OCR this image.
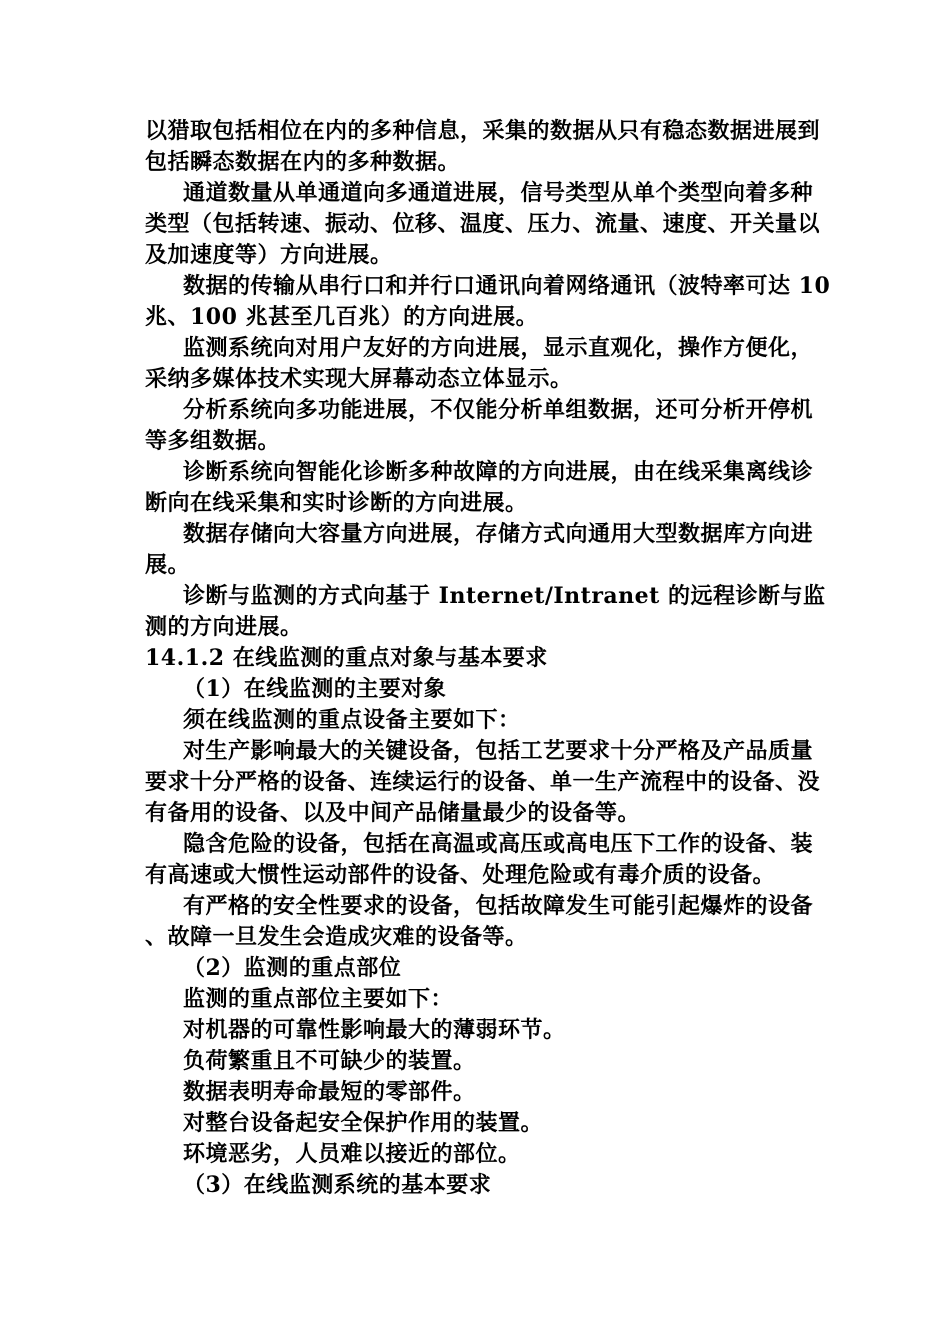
以猎取包括相位在内的多种信息，采集的数据从只有稳态数据进展到包括瞬态数据在内的多种数据。

通道数量从单通道向多通道进展，信号类型从单个类型向着多种类型（包括转速、振动、位移、温度、压力、流量、速度、开关量以及加速度等）方向进展。

数据的传输从串行口和并行口通讯向着网络通讯（波特率可达 10 兆、100 兆甚至几百兆）的方向进展。

监测系统向对用户友好的方向进展，显示直观化，操作方便化，采纳多媒体技术实现大屏幕动态立体显示。

分析系统向多功能进展，不仅能分析单组数据，还可分析开停机等多组数据。

诊断系统向智能化诊断多种故障的方向进展，由在线采集离线诊断向在线采集和实时诊断的方向进展。

数据存储向大容量方向进展，存储方式向通用大型数据库方向进展。

诊断与监测的方式向基于 Internet/Intranet 的远程诊断与监测的方向进展。

14.1.2 在线监测的重点对象与基本要求

（1）在线监测的主要对象

须在线监测的重点设备主要如下：

对生产影响最大的关键设备，包括工艺要求十分严格及产品质量要求十分严格的设备、连续运行的设备、单一生产流程中的设备、没有备用的设备、以及中间产品储量最少的设备等。

隐含危险的设备，包括在高温或高压或高电压下工作的设备、装有高速或大惯性运动部件的设备、处理危险或有毒介质的设备。

有严格的安全性要求的设备，包括故障发生可能引起爆炸的设备、故障一旦发生会造成灾难的设备等。

（2）监测的重点部位

监测的重点部位主要如下：

对机器的可靠性影响最大的薄弱环节。

负荷繁重且不可缺少的装置。

数据表明寿命最短的零部件。

对整台设备起安全保护作用的装置。

环境恶劣，人员难以接近的部位。

（3）在线监测系统的基本要求
